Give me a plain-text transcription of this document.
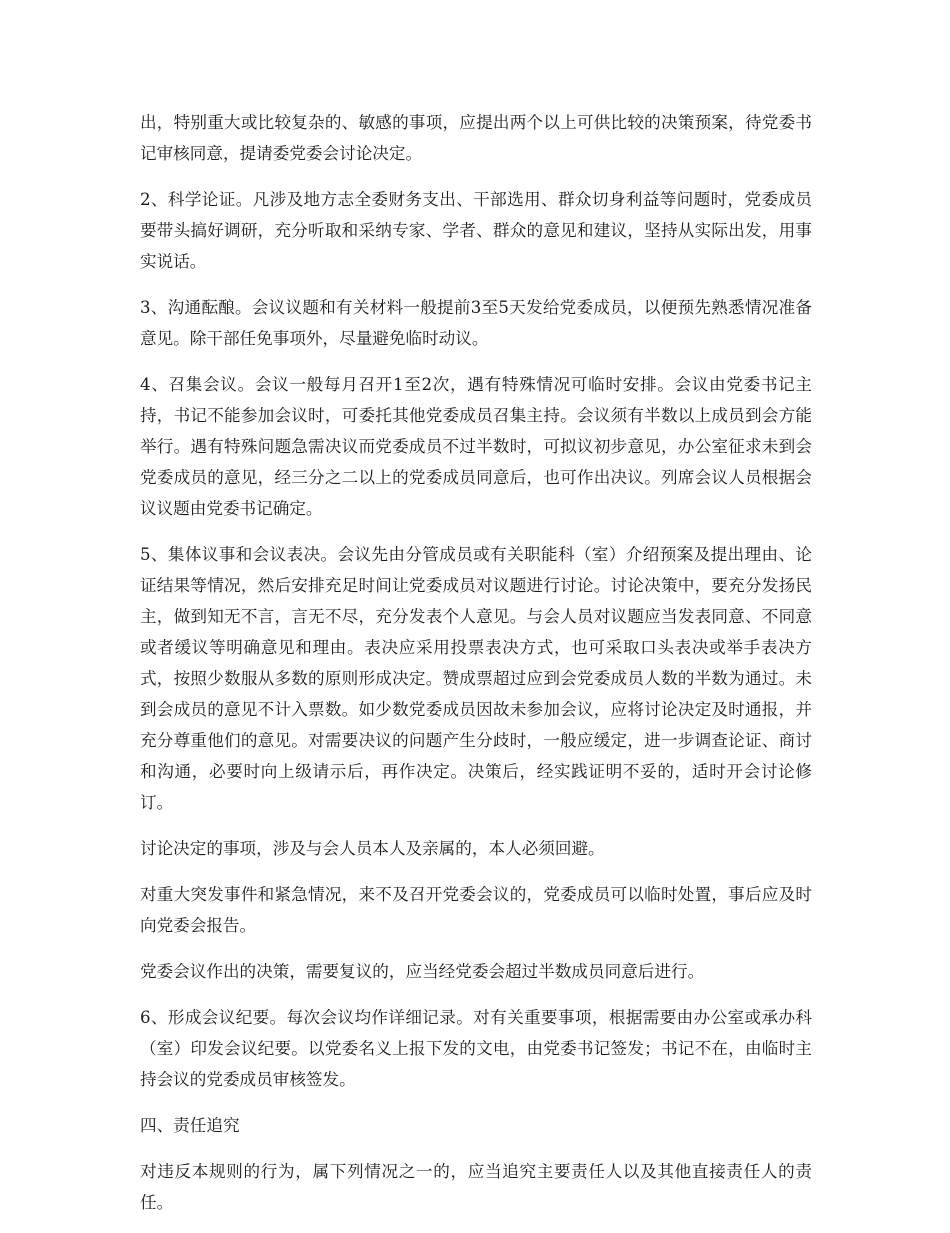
出，特别重大或比较复杂的、敏感的事项，应提出两个以上可供比较的决策预案，待党委书记审核同意，提请委党委会讨论决定。

2、科学论证。凡涉及地方志全委财务支出、干部选用、群众切身利益等问题时，党委成员要带头搞好调研，充分听取和采纳专家、学者、群众的意见和建议，坚持从实际出发，用事实说话。

3、沟通酝酿。会议议题和有关材料一般提前3至5天发给党委成员，以便预先熟悉情况准备意见。除干部任免事项外，尽量避免临时动议。

4、召集会议。会议一般每月召开1至2次，遇有特殊情况可临时安排。会议由党委书记主持，书记不能参加会议时，可委托其他党委成员召集主持。会议须有半数以上成员到会方能举行。遇有特殊问题急需决议而党委成员不过半数时，可拟议初步意见，办公室征求未到会党委成员的意见，经三分之二以上的党委成员同意后，也可作出决议。列席会议人员根据会议议题由党委书记确定。

5、集体议事和会议表决。会议先由分管成员或有关职能科（室）介绍预案及提出理由、论证结果等情况，然后安排充足时间让党委成员对议题进行讨论。讨论决策中，要充分发扬民主，做到知无不言，言无不尽，充分发表个人意见。与会人员对议题应当发表同意、不同意或者缓议等明确意见和理由。表决应采用投票表决方式，也可采取口头表决或举手表决方式，按照少数服从多数的原则形成决定。赞成票超过应到会党委成员人数的半数为通过。未到会成员的意见不计入票数。如少数党委成员因故未参加会议，应将讨论决定及时通报，并充分尊重他们的意见。对需要决议的问题产生分歧时，一般应缓定，进一步调查论证、商讨和沟通，必要时向上级请示后，再作决定。决策后，经实践证明不妥的，适时开会讨论修订。

讨论决定的事项，涉及与会人员本人及亲属的，本人必须回避。

对重大突发事件和紧急情况，来不及召开党委会议的，党委成员可以临时处置，事后应及时向党委会报告。

党委会议作出的决策，需要复议的，应当经党委会超过半数成员同意后进行。

6、形成会议纪要。每次会议均作详细记录。对有关重要事项，根据需要由办公室或承办科（室）印发会议纪要。以党委名义上报下发的文电，由党委书记签发；书记不在，由临时主持会议的党委成员审核签发。

四、责任追究

对违反本规则的行为，属下列情况之一的，应当追究主要责任人以及其他直接责任人的责任。
